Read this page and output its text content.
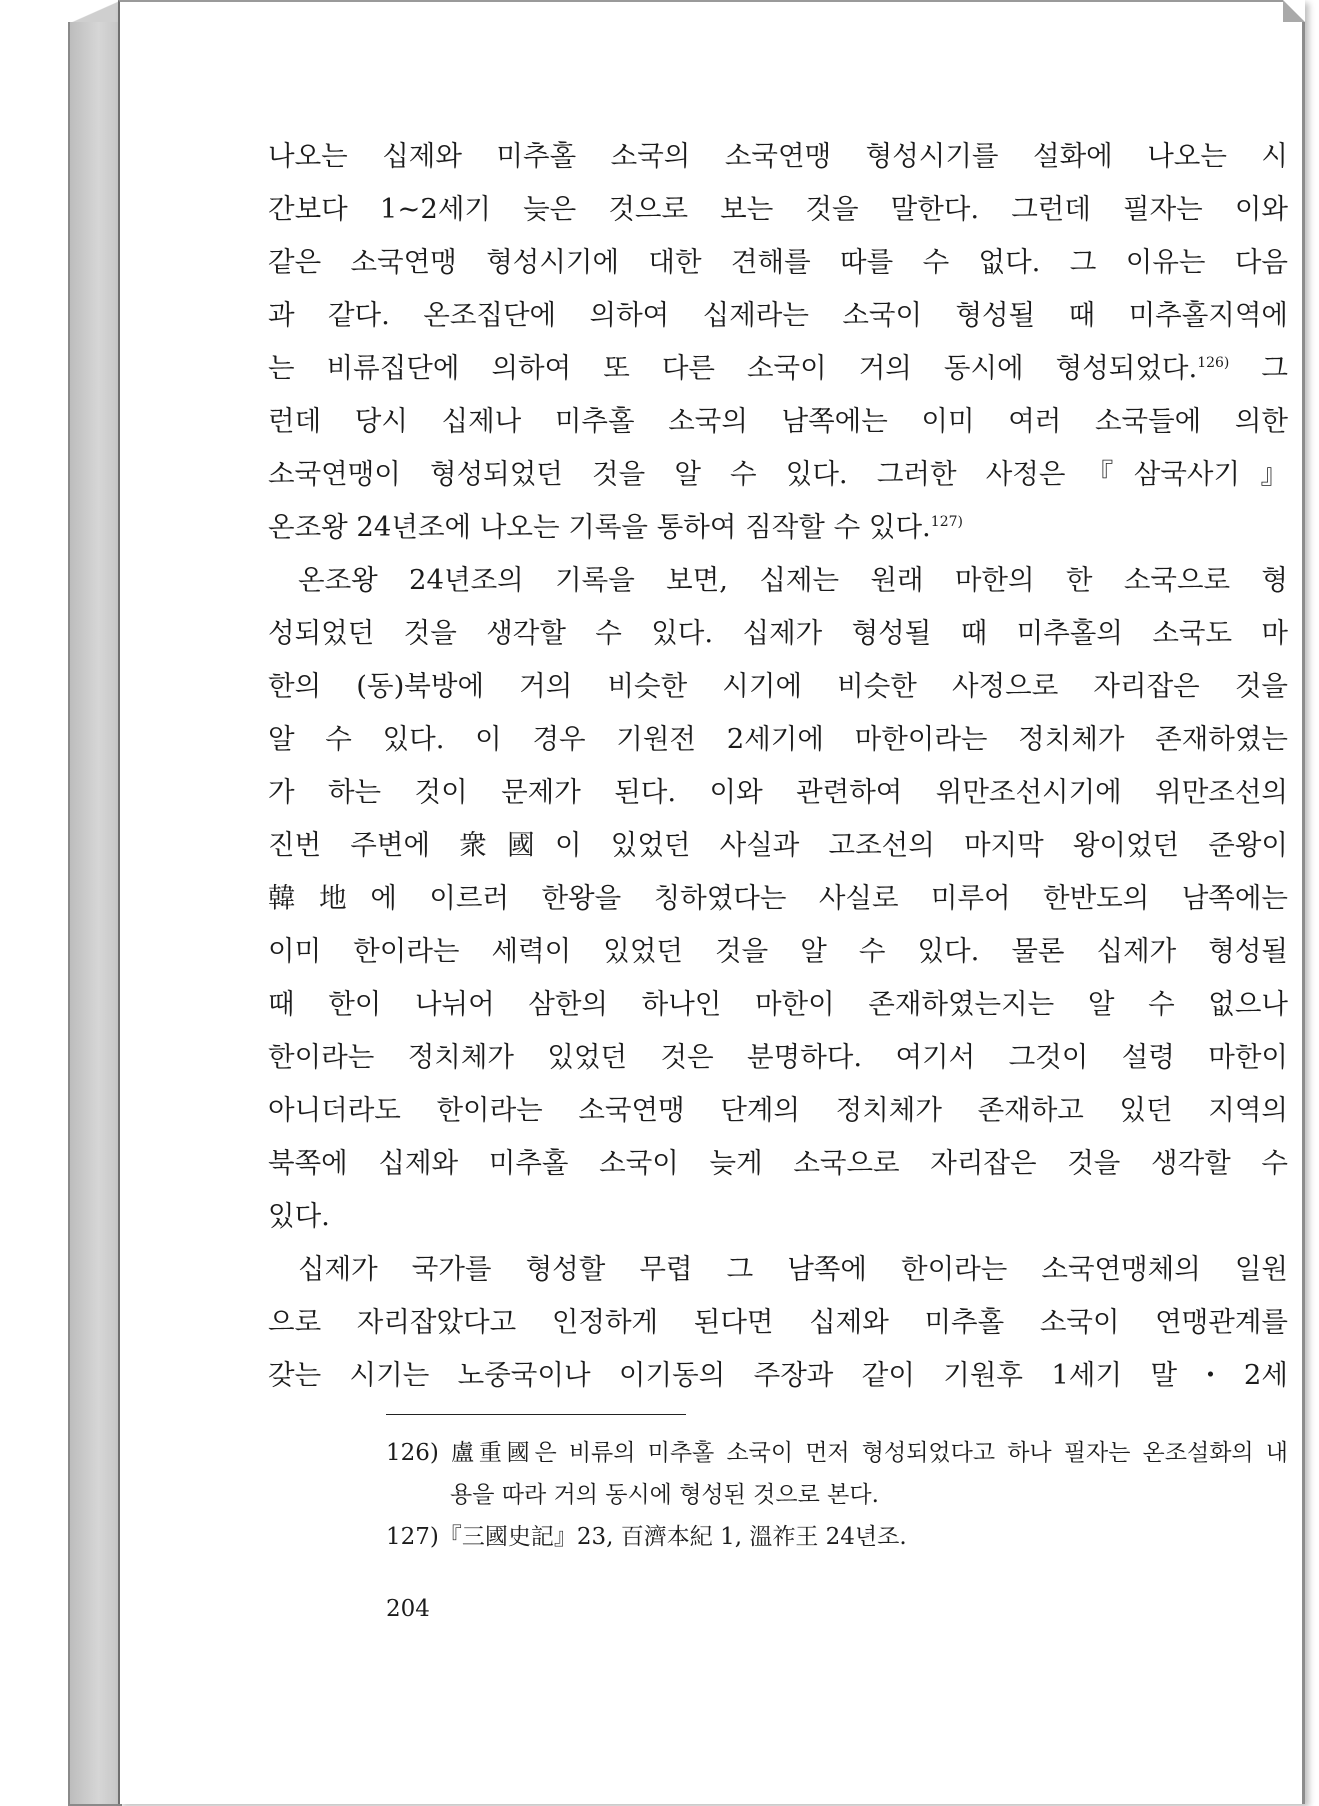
나오는 십제와 미추홀 소국의 소국연맹 형성시기를 설화에 나오는 시
간보다 1~2세기 늦은 것으로 보는 것을 말한다. 그런데 필자는 이와
같은 소국연맹 형성시기에 대한 견해를 따를 수 없다. 그 이유는 다음
과 같다. 온조집단에 의하여 십제라는 소국이 형성될 때 미추홀지역에
는 비류집단에 의하여 또 다른 소국이 거의 동시에 형성되었다.$^{126)}$ 그
런데 당시 십제나 미추홀 소국의 남쪽에는 이미 여러 소국들에 의한
소국연맹이 형성되었던 것을 알 수 있다. 그러한 사정은『삼국사기』
온조왕 24년조에 나오는 기록을 통하여 짐작할 수 있다.$^{127)}$
온조왕 24년조의 기록을 보면, 십제는 원래 마한의 한 소국으로 형
성되었던 것을 생각할 수 있다. 십제가 형성될 때 미추홀의 소국도 마
한의 (동)북방에 거의 비슷한 시기에 비슷한 사정으로 자리잡은 것을
알 수 있다. 이 경우 기원전 2세기에 마한이라는 정치체가 존재하였는
가 하는 것이 문제가 된다. 이와 관련하여 위만조선시기에 위만조선의
진번 주변에 衆國이 있었던 사실과 고조선의 마지막 왕이었던 준왕이
韓地에 이르러 한왕을 칭하였다는 사실로 미루어 한반도의 남쪽에는
이미 한이라는 세력이 있었던 것을 알 수 있다. 물론 십제가 형성될
때 한이 나뉘어 삼한의 하나인 마한이 존재하였는지는 알 수 없으나
한이라는 정치체가 있었던 것은 분명하다. 여기서 그것이 설령 마한이
아니더라도 한이라는 소국연맹 단계의 정치체가 존재하고 있던 지역의
북쪽에 십제와 미추홀 소국이 늦게 소국으로 자리잡은 것을 생각할 수
있다.
십제가 국가를 형성할 무렵 그 남쪽에 한이라는 소국연맹체의 일원
으로 자리잡았다고 인정하게 된다면 십제와 미추홀 소국이 연맹관계를
갖는 시기는 노중국이나 이기동의 주장과 같이 기원후 1세기 말・2세
126) 盧重國은 비류의 미추홀 소국이 먼저 형성되었다고 하나 필자는 온조설화의 내
용을 따라 거의 동시에 형성된 것으로 본다.
127)『三國史記』23, 百濟本紀 1, 溫祚王 24년조.
204
